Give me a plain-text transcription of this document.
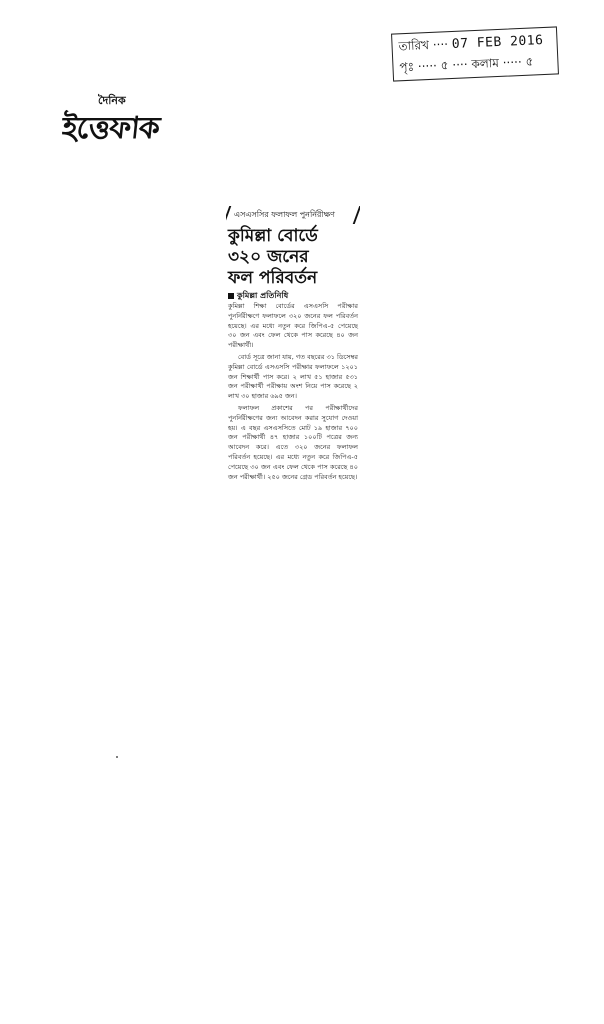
তারিখ ···· 07 FEB 2016
পৃঃ ····· ৫ ···· কলাম ····· ৫
দৈনিক
ইত্তেফাক
এসএসসির ফলাফল পুনর্নিরীক্ষণ
কুমিল্লা বোর্ডে
৩২০ জনের
ফল পরিবর্তন
কুমিল্লা প্রতিনিধি

কুমিল্লা শিক্ষা বোর্ডের এসএসসি পরীক্ষার পুনর্নিরীক্ষণে ফলাফলে ৩২০ জনের ফল পরিবর্তন হয়েছে। এর মধ্যে নতুন করে জিপিএ-৫ পেয়েছে ৩০ জন এবং ফেল থেকে পাস করেছে ৪০ জন পরীক্ষার্থী।

বোর্ড সূত্রে জানা যায়, গত বছরের ৩১ ডিসেম্বর কুমিল্লা বোর্ডে এসএসসি পরীক্ষার ফলাফলে ১২০১ জন শিক্ষার্থী পাস করে। ২ লাখ ৫১ হাজার ৫৩১ জন পরীক্ষার্থী পরীক্ষায় অংশ নিয়ে পাস করেছে ২ লাখ ৩০ হাজার ৬৯৫ জন।

ফলাফল প্রকাশের পর পরীক্ষার্থীদের পুনর্নিরীক্ষণের জন্য আবেদন করার সুযোগ দেওয়া হয়। এ বছর এসএসসিতে মোট ১৯ হাজার ৭০০ জন পরীক্ষার্থী ৪৭ হাজার ১০০টি পত্রের জন্য আবেদন করে। এতে ৩২০ জনের ফলাফল পরিবর্তন হয়েছে। এর মধ্যে নতুন করে জিপিএ-৫ পেয়েছে ৩০ জন এবং ফেল থেকে পাস করেছে ৪০ জন পরীক্ষার্থী। ২৫০ জনের গ্রেড পরিবর্তন হয়েছে।
